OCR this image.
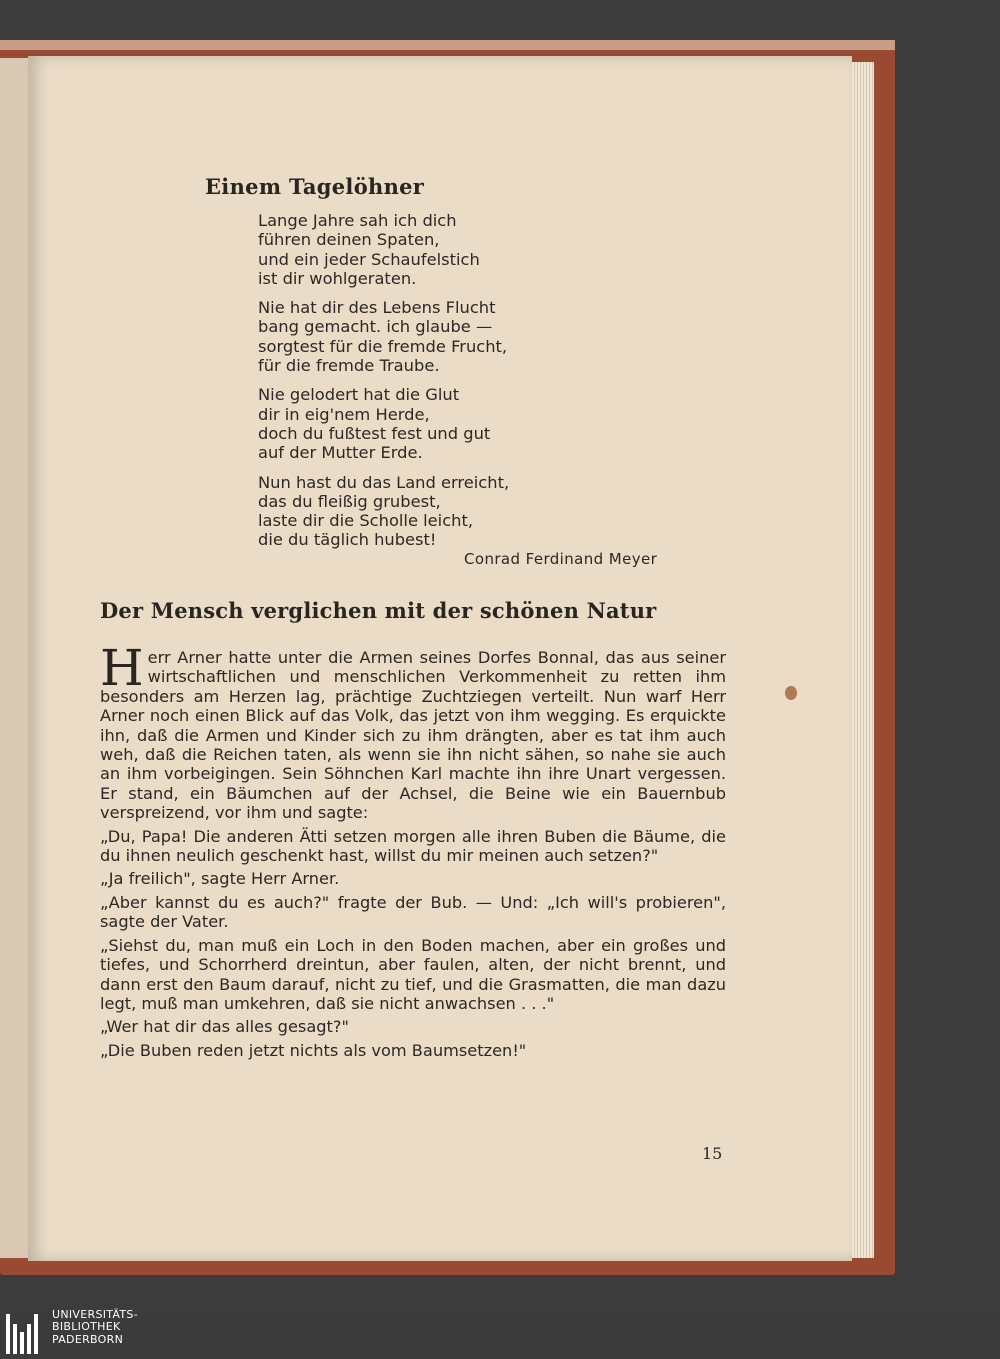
Einem Tagelöhner
Lange Jahre sah ich dich
führen deinen Spaten,
und ein jeder Schaufelstich
ist dir wohlgeraten.
Nie hat dir des Lebens Flucht
bang gemacht. ich glaube —
sorgtest für die fremde Frucht,
für die fremde Traube.
Nie gelodert hat die Glut
dir in eig'nem Herde,
doch du fußtest fest und gut
auf der Mutter Erde.
Nun hast du das Land erreicht,
das du fleißig grubest,
laste dir die Scholle leicht,
die du täglich hubest!
Conrad Ferdinand Meyer
Der Mensch verglichen mit der schönen Natur

Herr Arner hatte unter die Armen seines Dorfes Bonnal, das aus seiner wirtschaftlichen und menschlichen Verkommenheit zu retten ihm besonders am Herzen lag, prächtige Zuchtziegen verteilt. Nun warf Herr Arner noch einen Blick auf das Volk, das jetzt von ihm wegging. Es erquickte ihn, daß die Armen und Kinder sich zu ihm drängten, aber es tat ihm auch weh, daß die Reichen taten, als wenn sie ihn nicht sähen, so nahe sie auch an ihm vorbeigingen. Sein Söhnchen Karl machte ihn ihre Unart vergessen. Er stand, ein Bäumchen auf der Achsel, die Beine wie ein Bauernbub verspreizend, vor ihm und sagte:

„Du, Papa! Die anderen Ätti setzen morgen alle ihren Buben die Bäume, die du ihnen neulich geschenkt hast, willst du mir meinen auch setzen?"

„Ja freilich", sagte Herr Arner.

„Aber kannst du es auch?" fragte der Bub. — Und: „Ich will's probieren", sagte der Vater.

„Siehst du, man muß ein Loch in den Boden machen, aber ein großes und tiefes, und Schorrherd dreintun, aber faulen, alten, der nicht brennt, und dann erst den Baum darauf, nicht zu tief, und die Grasmatten, die man dazu legt, muß man umkehren, daß sie nicht anwachsen . . ."

„Wer hat dir das alles gesagt?"

„Die Buben reden jetzt nichts als vom Baumsetzen!"

15
UNIVERSITÄTS-
BIBLIOTHEK
PADERBORN
